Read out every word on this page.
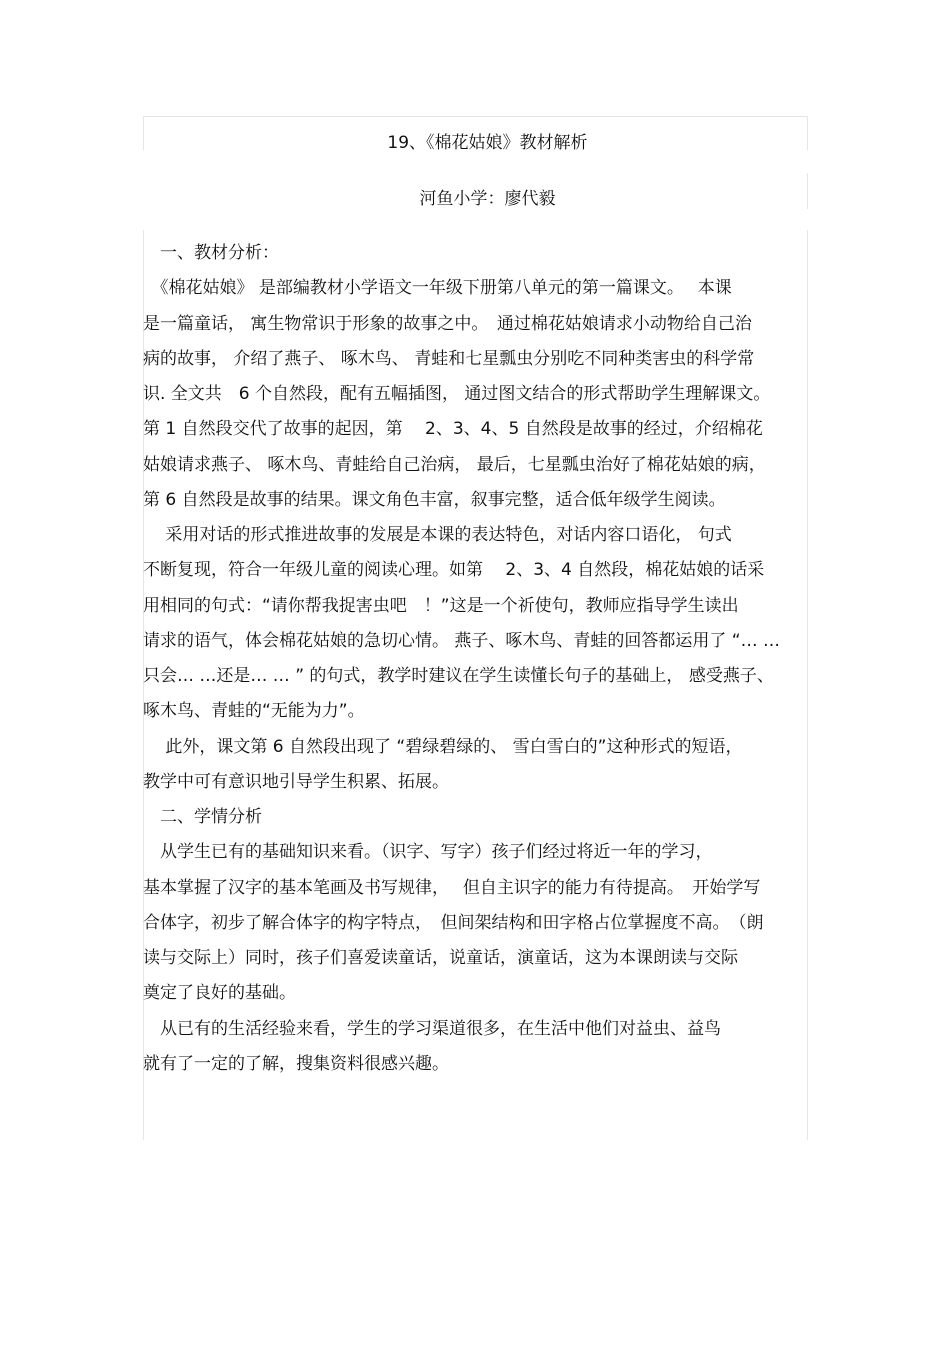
19、《棉花姑娘》教材解析
河鱼小学：廖代毅
　一、教材分析：
　《棉花姑娘》 是部编教材小学语文一年级下册第八单元的第一篇课文。　 本课
是一篇童话， 寓生物常识于形象的故事之中。　通过棉花姑娘请求小动物给自己治
病的故事， 介绍了燕子、 啄木鸟、 青蛙和七星瓢虫分别吃不同种类害虫的科学常
识. 全文共　6 个自然段，配有五幅插图， 通过图文结合的形式帮助学生理解课文。
第 1 自然段交代了故事的起因，第　 2、3、4、5 自然段是故事的经过，介绍棉花
姑娘请求燕子、 啄木鸟、青蛙给自己治病， 最后，七星瓢虫治好了棉花姑娘的病，
第 6 自然段是故事的结果。课文角色丰富，叙事完整，适合低年级学生阅读。
　 采用对话的形式推进故事的发展是本课的表达特色，对话内容口语化， 句式
不断复现，符合一年级儿童的阅读心理。如第　 2、3、4 自然段，棉花姑娘的话采
用相同的句式：“请你帮我捉害虫吧　！”这是一个祈使句，教师应指导学生读出
请求的语气，体会棉花姑娘的急切心情。 燕子、啄木鸟、青蛙的回答都运用了 “… …
只会… …还是… … ” 的句式，教学时建议在学生读懂长句子的基础上， 感受燕子、
啄木鸟、青蛙的“无能为力”。
　 此外，课文第 6 自然段出现了 “碧绿碧绿的、 雪白雪白的”这种形式的短语，
教学中可有意识地引导学生积累、拓展。
　二、学情分析
　从学生已有的基础知识来看。（识字、写字）孩子们经过将近一年的学习，
基本掌握了汉字的基本笔画及书写规律，　 但自主识字的能力有待提高。　开始学写
合体字，初步了解合体字的构字特点，　但间架结构和田字格占位掌握度不高。　（朗
读与交际上）同时，孩子们喜爱读童话，说童话，演童话，这为本课朗读与交际
奠定了良好的基础。
　从已有的生活经验来看，学生的学习渠道很多，在生活中他们对益虫、益鸟
就有了一定的了解，搜集资料很感兴趣。
